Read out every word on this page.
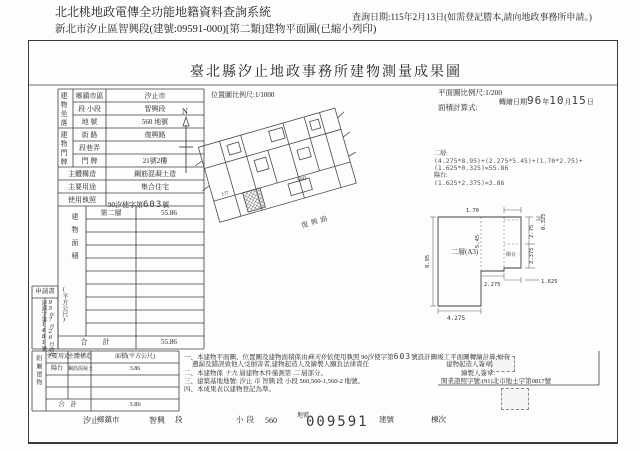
北北桃地政電傳全功能地籍資料查詢系統
新北市汐止區智興段(建號:09591-000)[第二類]建物平面圖(已縮小列印)
查詢日期:115年2月13日(如需登記謄本,請向地政事務所申請。)
臺北縣汐止地政事務所建物測量成果圖
位置圖比例尺:1/1000	平面圖比例尺:1/200
轉繪日期96年10月15日
面積計算式:
二層:
(4.275*8.95)+(2.275*5.45)+(1.70*2.75)+
(1.625*0.325)=55.86
陽台:
(1.625*2.375)=3.86
建物坐落	鄉鎮市區	汐止市
段 小段	智興段
地 號	560 地號
建物門牌	街 路	復興路
段巷弄
門 牌	21號2樓
主體構造	鋼筋混凝土造
主要用途	集合住宅
使用執照
90汐使字第603號
建物面積
(平方公尺)
第二層	55.86
合　計	55.86
申請書
95年7月26日收件
建測字第1481號
附屬建物 主要用途
主體構造	面積(平方公尺)
陽台	鋼筋混凝土	3.86
合 計	3.86
一、本建物平面圖、位置圖及建物面積係由蘇天佐依使用執照 90汐使字第603號設計圖竣工平面圖轉繪計算,如有
遺漏及錯誤致他人受損害者,建物起造人及繪製人願負法律責任
二、本建物係 十九 層建物本件僅測第 二 層部分。
三、建築基地地號: 汐止 市 智興 段 小段 560,560-1,560-2 地號。
四、本成果表以建物登記為準。
建物起造人簽章:
繪製人簽章:
開業證照字號:(91)北市地士字第0817號
汐止
鄉鎮市	智興 段	小段 560	地號
009591 建號	棟次
N
560
177
復興路
二層(A3)	陽台
1.70
0.325
2.75
2.375
8.95
5.45
2.275	1.625
4.275
